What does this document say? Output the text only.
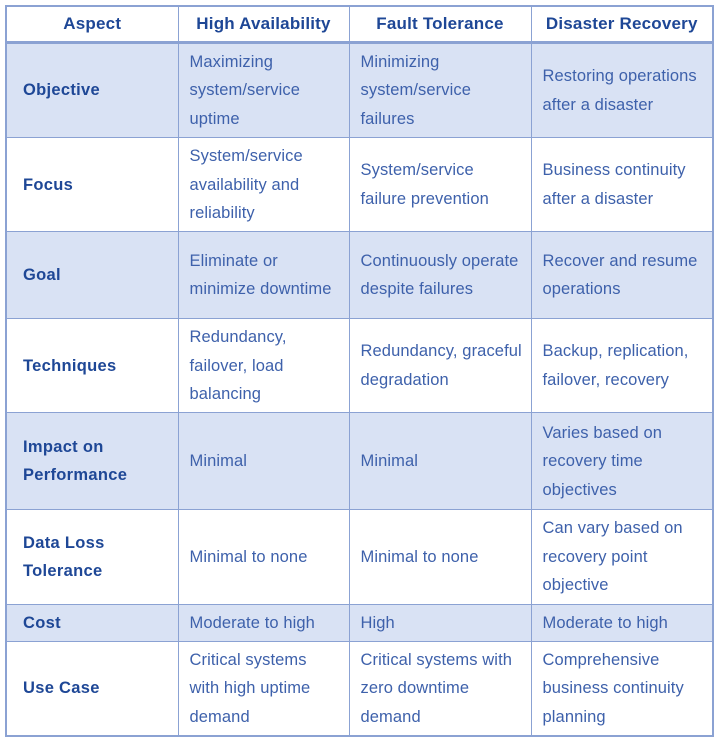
Aspect	High Availability	Fault Tolerance	Disaster Recovery
Objective	Maximizing system/service uptime	Minimizing system/service failures	Restoring operations after a disaster
Focus	System/service availability and reliability	System/service failure prevention	Business continuity after a disaster
Goal	Eliminate or minimize downtime	Continuously operate despite failures	Recover and resume operations
Techniques	Redundancy, failover, load balancing	Redundancy, graceful degradation	Backup, replication, failover, recovery
Impact on Performance	Minimal	Minimal	Varies based on recovery time objectives
Data Loss Tolerance	Minimal to none	Minimal to none	Can vary based on recovery point objective
Cost	Moderate to high	High	Moderate to high
Use Case	Critical systems with high uptime demand	Critical systems with zero downtime demand	Comprehensive business continuity planning
